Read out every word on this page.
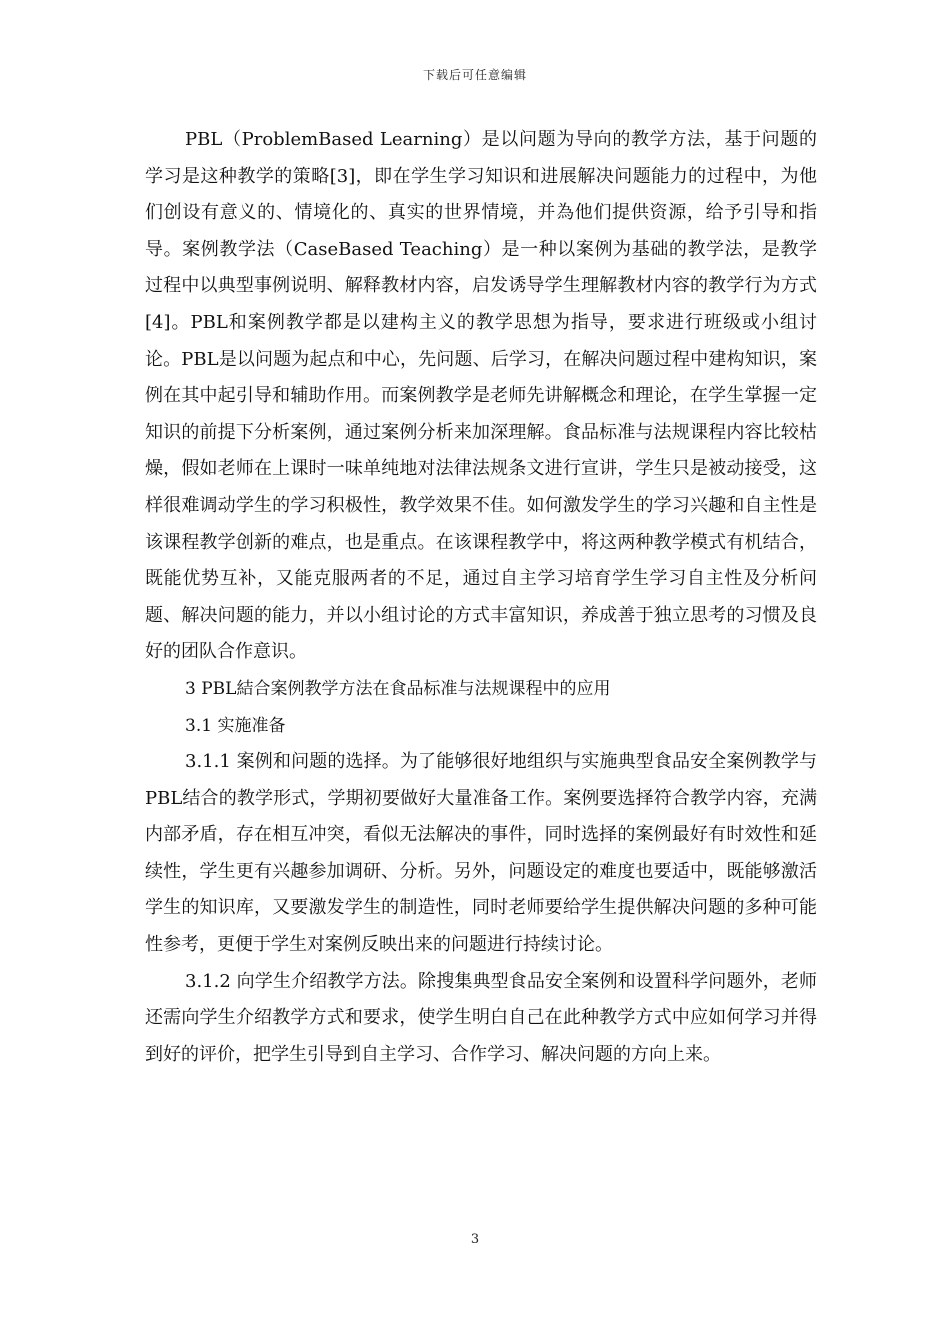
下载后可任意编辑

PBL（ProblemBased Learning）是以问题为导向的教学方法，基于问题的学习是这种教学的策略[3]，即在学生学习知识和进展解决问题能力的过程中，为他们创设有意义的、情境化的、真实的世界情境，并為他们提供资源，给予引导和指导。案例教学法（CaseBased Teaching）是一种以案例为基础的教学法，是教学过程中以典型事例说明、解释教材内容，启发诱导学生理解教材内容的教学行为方式[4]。PBL和案例教学都是以建构主义的教学思想为指导，要求进行班级或小组讨论。PBL是以问题为起点和中心，先问题、后学习，在解决问题过程中建构知识，案例在其中起引导和辅助作用。而案例教学是老师先讲解概念和理论，在学生掌握一定知识的前提下分析案例，通过案例分析来加深理解。食品标准与法规课程内容比较枯燥，假如老师在上课时一味单纯地对法律法规条文进行宣讲，学生只是被动接受，这样很难调动学生的学习积极性，教学效果不佳。如何激发学生的学习兴趣和自主性是该课程教学创新的难点，也是重点。在该课程教学中，将这两种教学模式有机结合，既能优势互补，又能克服两者的不足，通过自主学习培育学生学习自主性及分析问题、解决问题的能力，并以小组讨论的方式丰富知识，养成善于独立思考的习惯及良好的团队合作意识。

3 PBL結合案例教学方法在食品标准与法规课程中的应用

3.1 实施准备

3.1.1 案例和问题的选择。为了能够很好地组织与实施典型食品安全案例教学与PBL结合的教学形式，学期初要做好大量准备工作。案例要选择符合教学内容，充满内部矛盾，存在相互冲突，看似无法解决的事件，同时选择的案例最好有时效性和延续性，学生更有兴趣参加调研、分析。另外，问题设定的难度也要适中，既能够激活学生的知识库，又要激发学生的制造性，同时老师要给学生提供解决问题的多种可能性参考，更便于学生对案例反映出来的问题进行持续讨论。

3.1.2 向学生介绍教学方法。除搜集典型食品安全案例和设置科学问题外，老师还需向学生介绍教学方式和要求，使学生明白自己在此种教学方式中应如何学习并得到好的评价，把学生引导到自主学习、合作学习、解决问题的方向上来。

3
